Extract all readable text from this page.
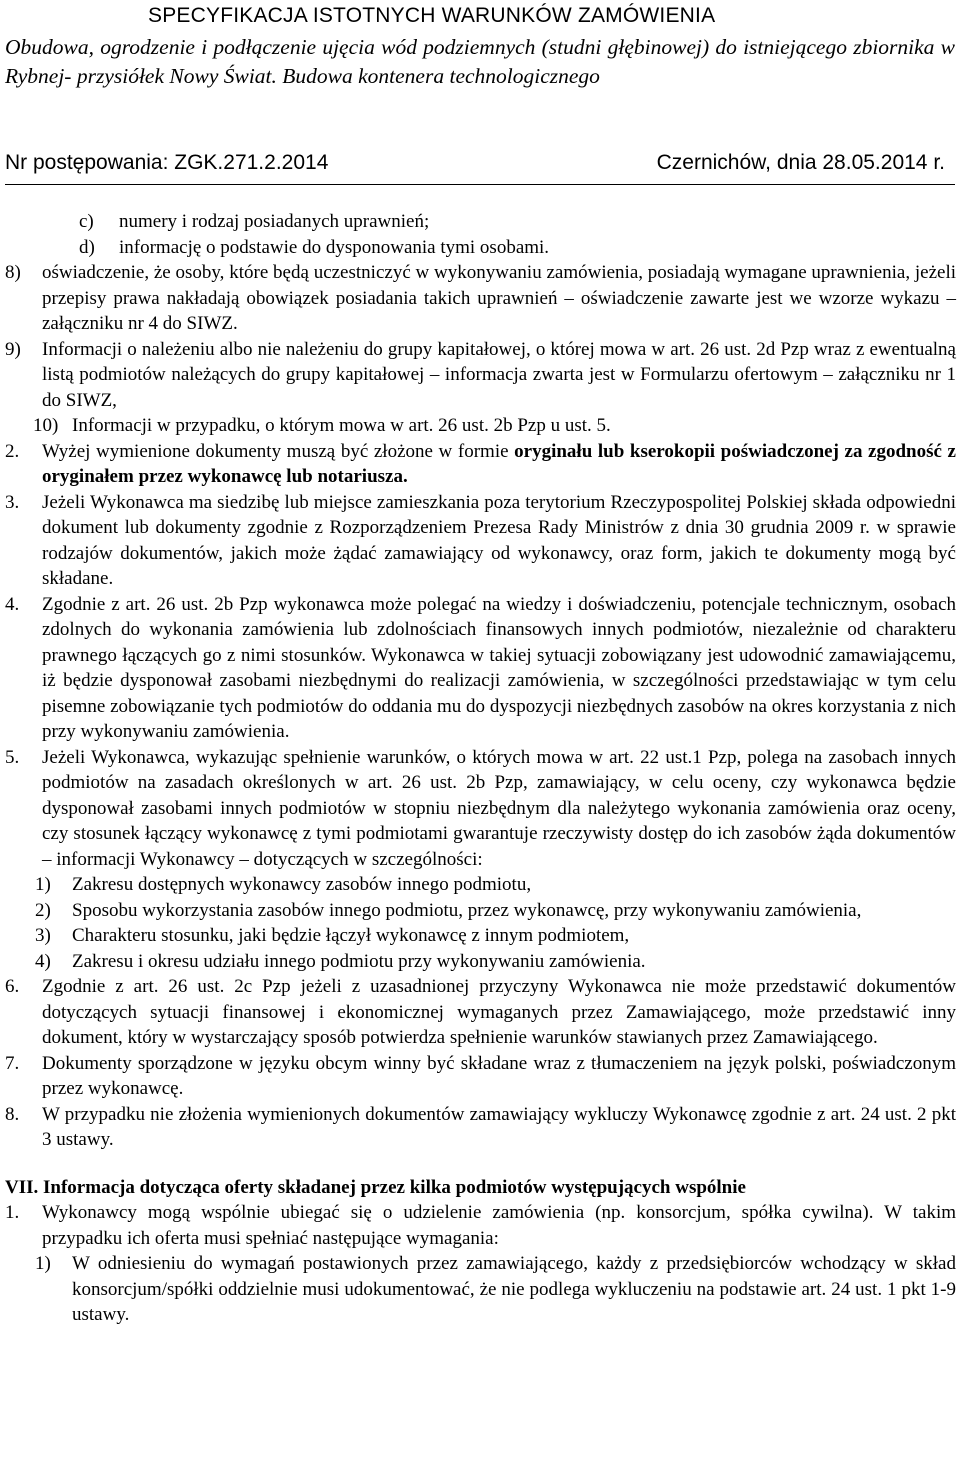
SPECYFIKACJA ISTOTNYCH WARUNKÓW ZAMÓWIENIA
Obudowa, ogrodzenie i podłączenie ujęcia wód podziemnych (studni głębinowej) do istniejącego zbiornika w Rybnej- przysiółek Nowy Świat. Budowa kontenera technologicznego
Nr postępowania: ZGK.271.2.2014	Czernichów, dnia 28.05.2014 r.

c) numery i rodzaj posiadanych uprawnień;

d) informację o podstawie do dysponowania tymi osobami.

8) oświadczenie, że osoby, które będą uczestniczyć w wykonywaniu zamówienia, posiadają wymagane uprawnienia, jeżeli przepisy prawa nakładają obowiązek posiadania takich uprawnień – oświadczenie zawarte jest we wzorze wykazu – załączniku nr 4 do SIWZ.

9) Informacji o należeniu albo nie należeniu do grupy kapitałowej, o której mowa w art. 26 ust. 2d Pzp wraz z ewentualną listą podmiotów należących do grupy kapitałowej – informacja zwarta jest w Formularzu ofertowym – załączniku nr 1 do SIWZ,

10) Informacji w przypadku, o którym mowa w art. 26 ust. 2b Pzp u ust. 5.

2. Wyżej wymienione dokumenty muszą być złożone w formie oryginału lub kserokopii poświadczonej za zgodność z oryginałem przez wykonawcę lub notariusza.

3. Jeżeli Wykonawca ma siedzibę lub miejsce zamieszkania poza terytorium Rzeczypospolitej Polskiej składa odpowiedni dokument lub dokumenty zgodnie z Rozporządzeniem Prezesa Rady Ministrów z dnia 30 grudnia 2009 r. w sprawie rodzajów dokumentów, jakich może żądać zamawiający od wykonawcy, oraz form, jakich te dokumenty mogą być składane.

4. Zgodnie z art. 26 ust. 2b Pzp wykonawca może polegać na wiedzy i doświadczeniu, potencjale technicznym, osobach zdolnych do wykonania zamówienia lub zdolnościach finansowych innych podmiotów, niezależnie od charakteru prawnego łączących go z nimi stosunków. Wykonawca w takiej sytuacji zobowiązany jest udowodnić zamawiającemu, iż będzie dysponował zasobami niezbędnymi do realizacji zamówienia, w szczególności przedstawiając w tym celu pisemne zobowiązanie tych podmiotów do oddania mu do dyspozycji niezbędnych zasobów na okres korzystania z nich przy wykonywaniu zamówienia.

5. Jeżeli Wykonawca, wykazując spełnienie warunków, o których mowa w art. 22 ust.1 Pzp, polega na zasobach innych podmiotów na zasadach określonych w art. 26 ust. 2b Pzp, zamawiający, w celu oceny, czy wykonawca będzie dysponował zasobami innych podmiotów w stopniu niezbędnym dla należytego wykonania zamówienia oraz oceny, czy stosunek łączący wykonawcę z tymi podmiotami gwarantuje rzeczywisty dostęp do ich zasobów żąda dokumentów – informacji Wykonawcy – dotyczących w szczególności:

1) Zakresu dostępnych wykonawcy zasobów innego podmiotu,

2) Sposobu wykorzystania zasobów innego podmiotu, przez wykonawcę, przy wykonywaniu zamówienia,

3) Charakteru stosunku, jaki będzie łączył wykonawcę z innym podmiotem,

4) Zakresu i okresu udziału innego podmiotu przy wykonywaniu zamówienia.

6. Zgodnie z art. 26 ust. 2c Pzp jeżeli z uzasadnionej przyczyny Wykonawca nie może przedstawić dokumentów dotyczących sytuacji finansowej i ekonomicznej wymaganych przez Zamawiającego, może przedstawić inny dokument, który w wystarczający sposób potwierdza spełnienie warunków stawianych przez Zamawiającego.

7. Dokumenty sporządzone w języku obcym winny być składane wraz z tłumaczeniem na język polski, poświadczonym przez wykonawcę.

8. W przypadku nie złożenia wymienionych dokumentów zamawiający wykluczy Wykonawcę zgodnie z art. 24 ust. 2 pkt 3 ustawy.

VII. Informacja dotycząca oferty składanej przez kilka podmiotów występujących wspólnie

1. Wykonawcy mogą wspólnie ubiegać się o udzielenie zamówienia (np. konsorcjum, spółka cywilna). W takim przypadku ich oferta musi spełniać następujące wymagania:

1) W odniesieniu do wymagań postawionych przez zamawiającego, każdy z przedsiębiorców wchodzący w skład konsorcjum/spółki oddzielnie musi udokumentować, że nie podlega wykluczeniu na podstawie art. 24 ust. 1 pkt 1-9 ustawy.
